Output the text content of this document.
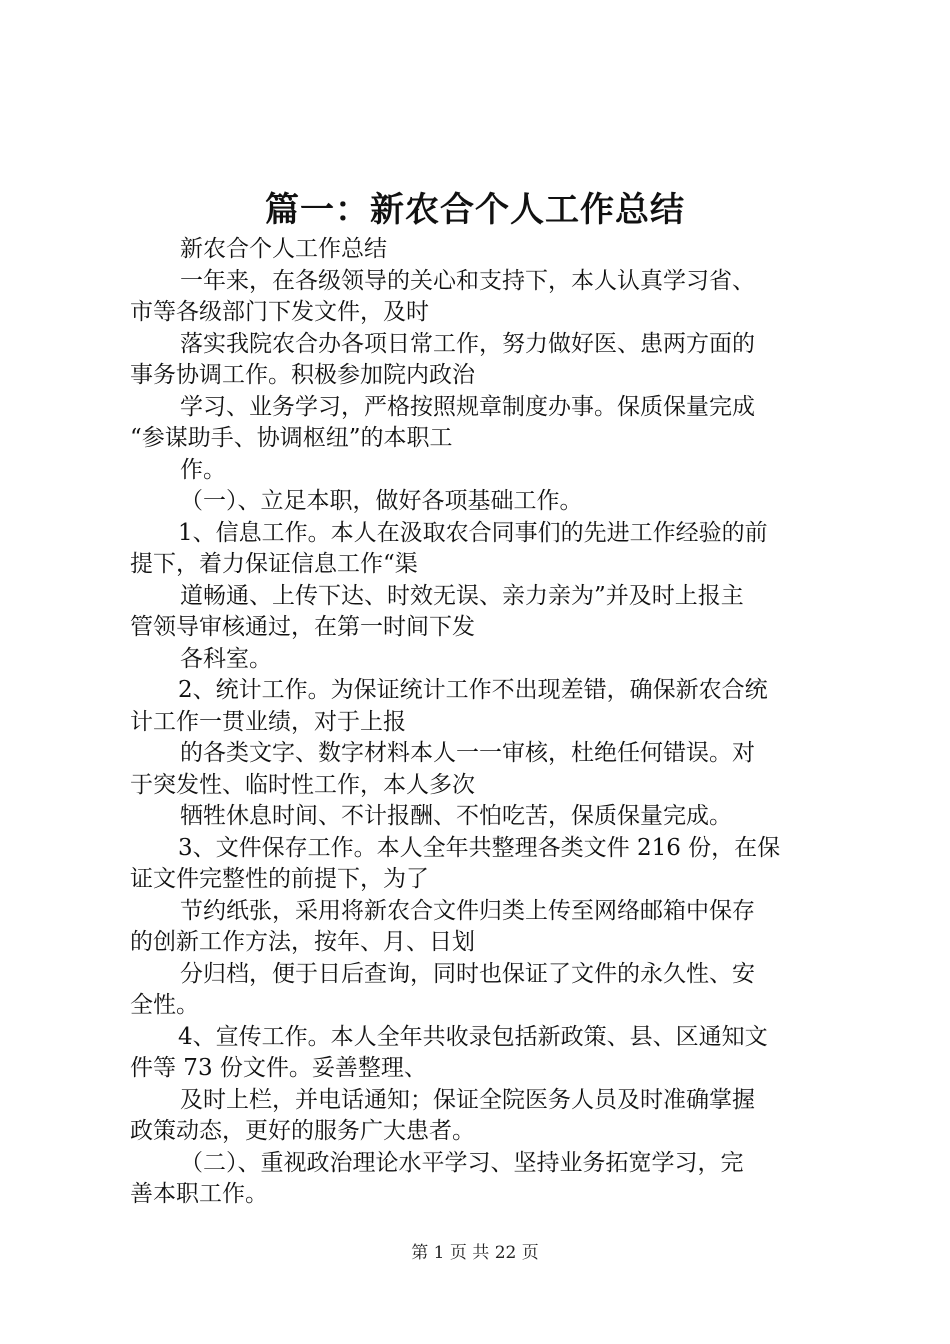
篇一：新农合个人工作总结
新农合个人工作总结
一年来，在各级领导的关心和支持下，本人认真学习省、
市等各级部门下发文件，及时
落实我院农合办各项日常工作，努力做好医、患两方面的
事务协调工作。积极参加院内政治
学习、业务学习，严格按照规章制度办事。保质保量完成
“参谋助手、协调枢纽”的本职工
作。
（一）、立足本职，做好各项基础工作。
1、信息工作。本人在汲取农合同事们的先进工作经验的前
提下，着力保证信息工作“渠
道畅通、上传下达、时效无误、亲力亲为”并及时上报主
管领导审核通过，在第一时间下发
各科室。
2、统计工作。为保证统计工作不出现差错，确保新农合统
计工作一贯业绩，对于上报
的各类文字、数字材料本人一一审核，杜绝任何错误。对
于突发性、临时性工作，本人多次
牺牲休息时间、不计报酬、不怕吃苦，保质保量完成。
3、文件保存工作。本人全年共整理各类文件 216 份，在保
证文件完整性的前提下，为了
节约纸张，采用将新农合文件归类上传至网络邮箱中保存
的创新工作方法，按年、月、日划
分归档，便于日后查询，同时也保证了文件的永久性、安
全性。
4、宣传工作。本人全年共收录包括新政策、县、区通知文
件等 73 份文件。妥善整理、
及时上栏，并电话通知；保证全院医务人员及时准确掌握
政策动态，更好的服务广大患者。
（二）、重视政治理论水平学习、坚持业务拓宽学习，完
善本职工作。
第 1 页 共 22 页
